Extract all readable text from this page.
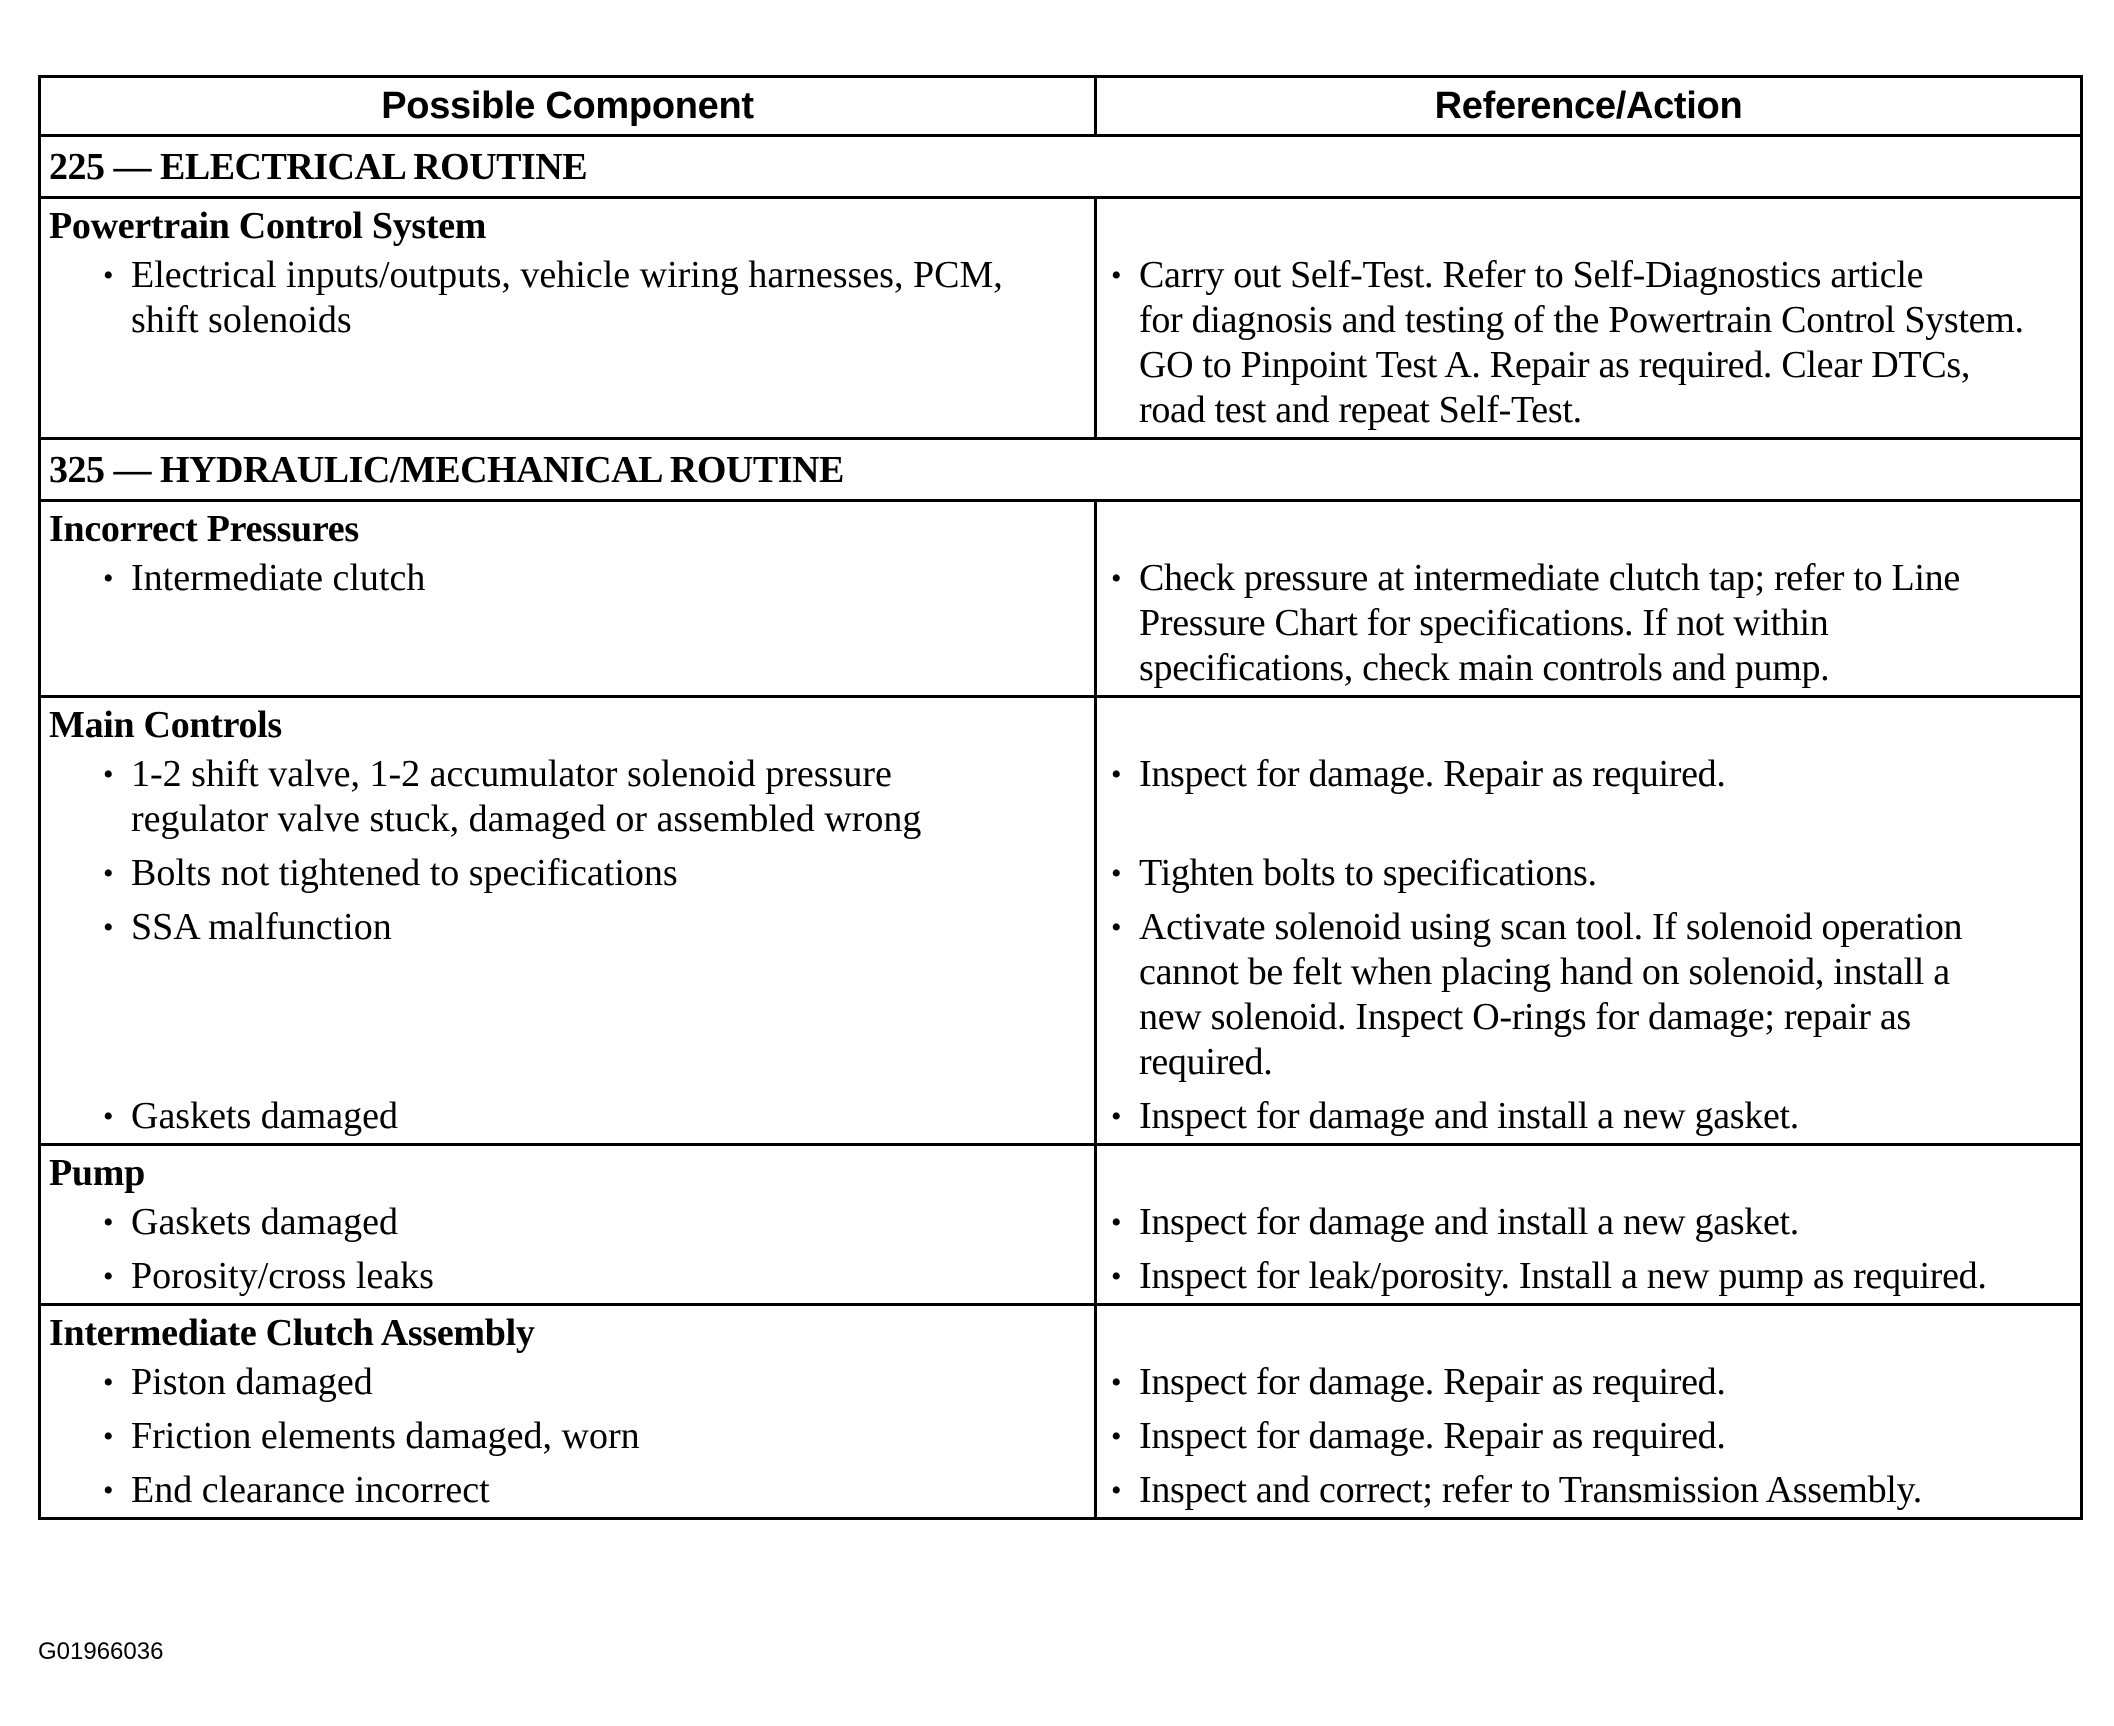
Possible Component	Reference/Action
225 — ELECTRICAL ROUTINE
Powertrain Control System
• Electrical inputs/outputs, vehicle wiring harnesses, PCM,
shift solenoids

• Carry out Self-Test. Refer to Self-Diagnostics article
for diagnosis and testing of the Powertrain Control System.
GO to Pinpoint Test A. Repair as required. Clear DTCs,
road test and repeat Self-Test.
325 — HYDRAULIC/MECHANICAL ROUTINE
Incorrect Pressures
• Intermediate clutch

	• Check pressure at intermediate clutch tap; refer to Line
Pressure Chart for specifications. If not within
specifications, check main controls and pump.
Main Controls
• 1-2 shift valve, 1-2 accumulator solenoid pressure
regulator valve stuck, damaged or assembled wrong
• Bolts not tightened to specifications
• SSA malfunction

• Gaskets damaged
• Inspect for damage. Repair as required.

• Tighten bolts to specifications.
• Activate solenoid using scan tool. If solenoid operation
cannot be felt when placing hand on solenoid, install a
new solenoid. Inspect O-rings for damage; repair as
required.
• Inspect for damage and install a new gasket.
Pump
• Gaskets damaged
• Porosity/cross leaks
• Inspect for damage and install a new gasket.
• Inspect for leak/porosity. Install a new pump as required.
Intermediate Clutch Assembly
• Piston damaged
• Friction elements damaged, worn
• End clearance incorrect
• Inspect for damage. Repair as required.
• Inspect for damage. Repair as required.
• Inspect and correct; refer to Transmission Assembly.
G01966036
